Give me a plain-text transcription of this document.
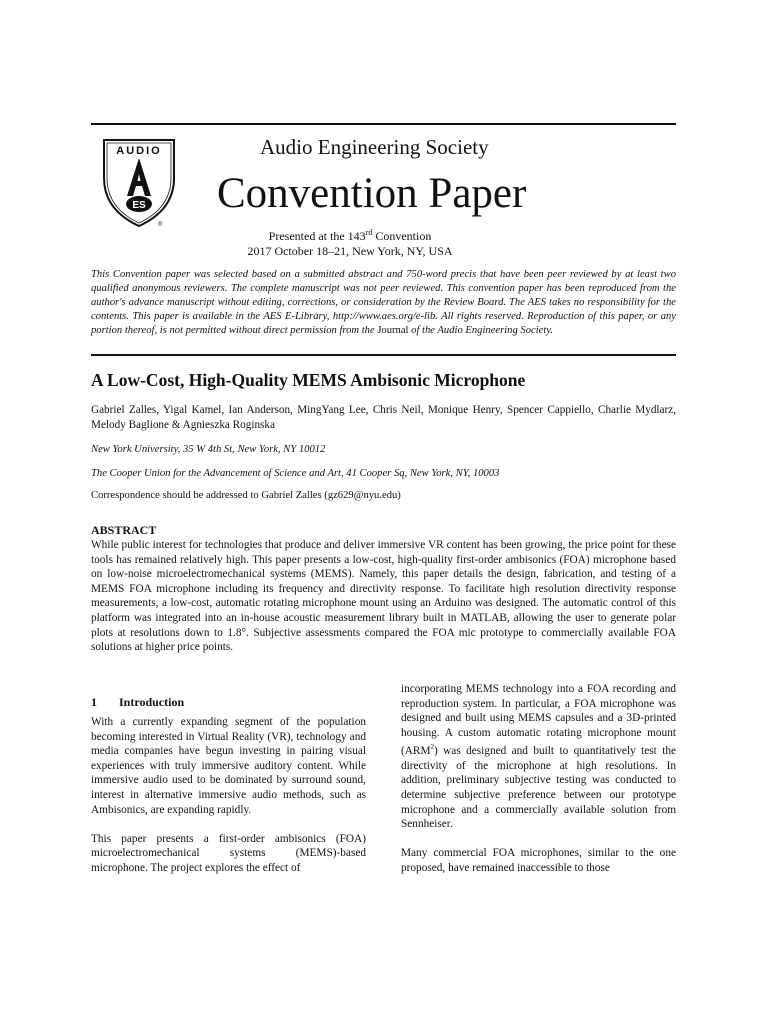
AUDIO
ES
®
Audio Engineering Society
Convention Paper
Presented at the 143rd Convention
2017 October 18–21, New York, NY, USA
This Convention paper was selected based on a submitted abstract and 750-word precis that have been peer reviewed by at least two qualified anonymous reviewers. The complete manuscript was not peer reviewed. This convention paper has been reproduced from the author's advance manuscript without editing, corrections, or consideration by the Review Board. The AES takes no responsibility for the contents. This paper is available in the AES E-Library, http://www.aes.org/e-lib. All rights reserved. Reproduction of this paper, or any portion thereof, is not permitted without direct permission from the Journal of the Audio Engineering Society.
A Low-Cost, High-Quality MEMS Ambisonic Microphone
Gabriel Zalles, Yigal Kamel, Ian Anderson, MingYang Lee, Chris Neil, Monique Henry, Spencer Cappiello, Charlie Mydlarz, Melody Baglione & Agnieszka Roginska
New York University, 35 W 4th St, New York, NY 10012
The Cooper Union for the Advancement of Science and Art, 41 Cooper Sq, New York, NY, 10003
Correspondence should be addressed to Gabriel Zalles (gz629@nyu.edu)
ABSTRACT
While public interest for technologies that produce and deliver immersive VR content has been growing, the price point for these tools has remained relatively high. This paper presents a low-cost, high-quality first-order ambisonics (FOA) microphone based on low-noise microelectromechanical systems (MEMS). Namely, this paper details the design, fabrication, and testing of a MEMS FOA microphone including its frequency and directivity response. To facilitate high resolution directivity response measurements, a low-cost, automatic rotating microphone mount using an Arduino was designed. The automatic control of this platform was integrated into an in-house acoustic measurement library built in MATLAB, allowing the user to generate polar plots at resolutions down to 1.8°. Subjective assessments compared the FOA mic prototype to commercially available FOA solutions at higher price points.
1 Introduction

With a currently expanding segment of the population becoming interested in Virtual Reality (VR), technology and media companies have begun investing in pairing visual experiences with truly immersive auditory content. While immersive audio used to be dominated by surround sound, interest in alternative immersive audio methods, such as Ambisonics, are expanding rapidly.

This paper presents a first-order ambisonics (FOA) microelectromechanical systems (MEMS)-based microphone. The project explores the effect of

incorporating MEMS technology into a FOA recording and reproduction system. In particular, a FOA microphone was designed and built using MEMS capsules and a 3D-printed housing. A custom automatic rotating microphone mount (ARM$^2$) was designed and built to quantitatively test the directivity of the microphone at high resolutions. In addition, preliminary subjective testing was conducted to determine subjective preference between our prototype microphone and a commercially available solution from Sennheiser.

Many commercial FOA microphones, similar to the one proposed, have remained inaccessible to those
